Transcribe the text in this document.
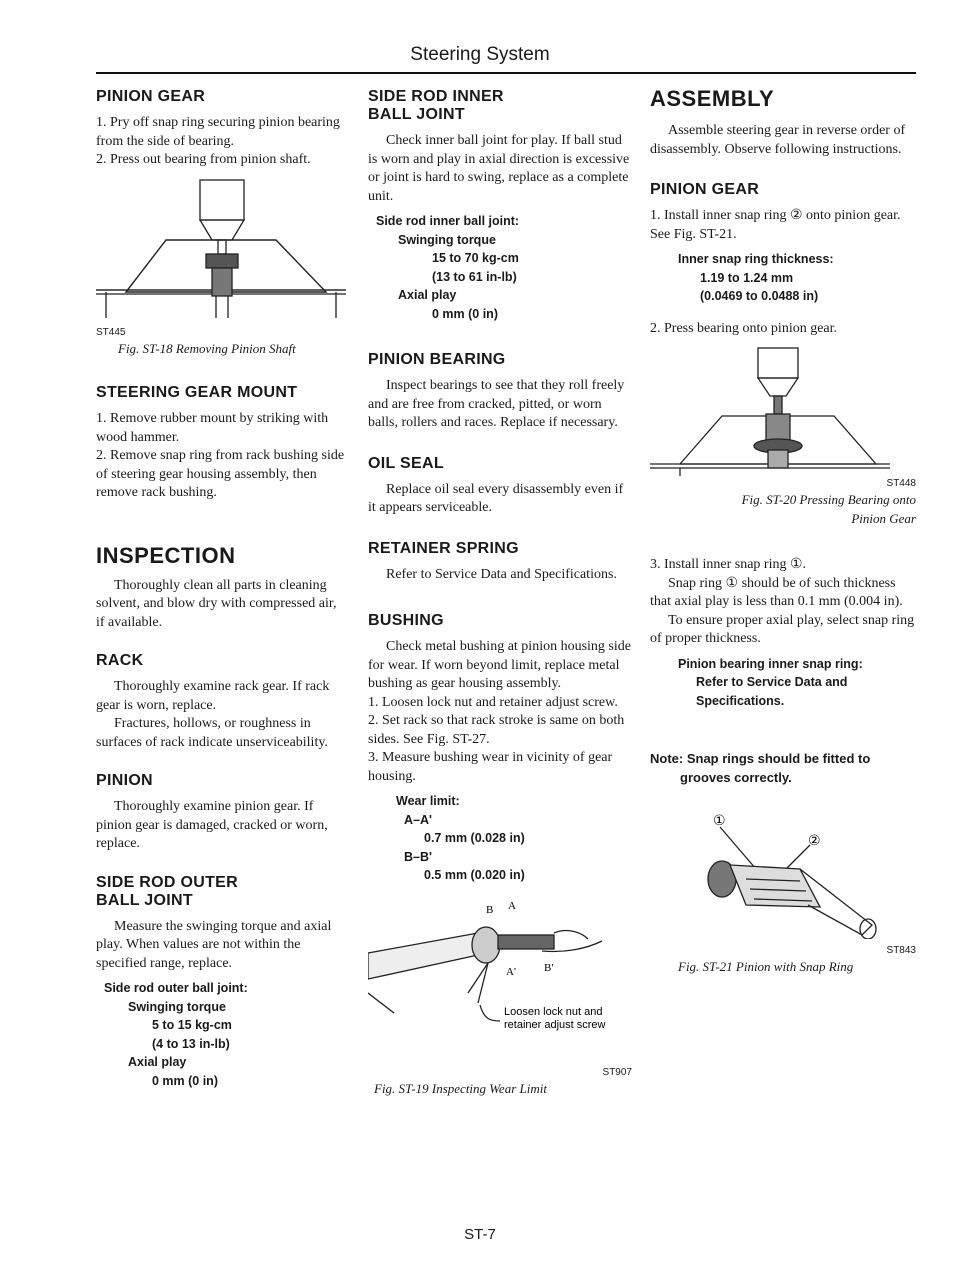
Steering System
PINION GEAR

1. Pry off snap ring securing pinion bearing from the side of bearing.

2. Press out bearing from pinion shaft.

ST445

Fig. ST-18 Removing Pinion Shaft

STEERING GEAR MOUNT

1. Remove rubber mount by striking with wood hammer.

2. Remove snap ring from rack bushing side of steering gear housing assembly, then remove rack bushing.

INSPECTION

Thoroughly clean all parts in cleaning solvent, and blow dry with compressed air, if available.

RACK

Thoroughly examine rack gear. If rack gear is worn, replace.

Fractures, hollows, or roughness in surfaces of rack indicate unserviceability.

PINION

Thoroughly examine pinion gear. If pinion gear is damaged, cracked or worn, replace.

SIDE ROD OUTER
BALL JOINT

Measure the swinging torque and axial play. When values are not within the specified range, replace.

Side rod outer ball joint:
Swinging torque
5 to 15 kg-cm
(4 to 13 in-lb)
Axial play
0 mm (0 in)
SIDE ROD INNER
BALL JOINT

Check inner ball joint for play. If ball stud is worn and play in axial direction is excessive or joint is hard to swing, replace as a complete unit.

Side rod inner ball joint:
Swinging torque
15 to 70 kg-cm
(13 to 61 in-lb)
Axial play
0 mm (0 in)
PINION BEARING

Inspect bearings to see that they roll freely and are free from cracked, pitted, or worn balls, rollers and races. Replace if necessary.

OIL SEAL

Replace oil seal every disassembly even if it appears serviceable.

RETAINER SPRING

Refer to Service Data and Specifications.

BUSHING

Check metal bushing at pinion housing side for wear. If worn beyond limit, replace metal bushing as gear housing assembly.

1. Loosen lock nut and retainer adjust screw.

2. Set rack so that rack stroke is same on both sides. See Fig. ST-27.

3. Measure bushing wear in vicinity of gear housing.

Wear limit:
A–A'
0.7 mm (0.028 in)
B–B'
0.5 mm (0.020 in)
B A
A'	B'
Loosen lock nut and
retainer adjust screw
ST907

Fig. ST-19 Inspecting Wear Limit

ASSEMBLY

Assemble steering gear in reverse order of disassembly. Observe following instructions.

PINION GEAR

1. Install inner snap ring ② onto pinion gear. See Fig. ST-21.

Inner snap ring thickness:
1.19 to 1.24 mm
(0.0469 to 0.0488 in)

2. Press bearing onto pinion gear.

ST448

Fig. ST-20 Pressing Bearing onto

Pinion Gear

3. Install inner snap ring ①.

Snap ring ① should be of such thickness that axial play is less than 0.1 mm (0.004 in).

To ensure proper axial play, select snap ring of proper thickness.

Pinion bearing inner snap ring:
Refer to Service Data and
Specifications.

Note: Snap rings should be fitted to grooves correctly.

①
②
ST843

Fig. ST-21 Pinion with Snap Ring

ST-7
